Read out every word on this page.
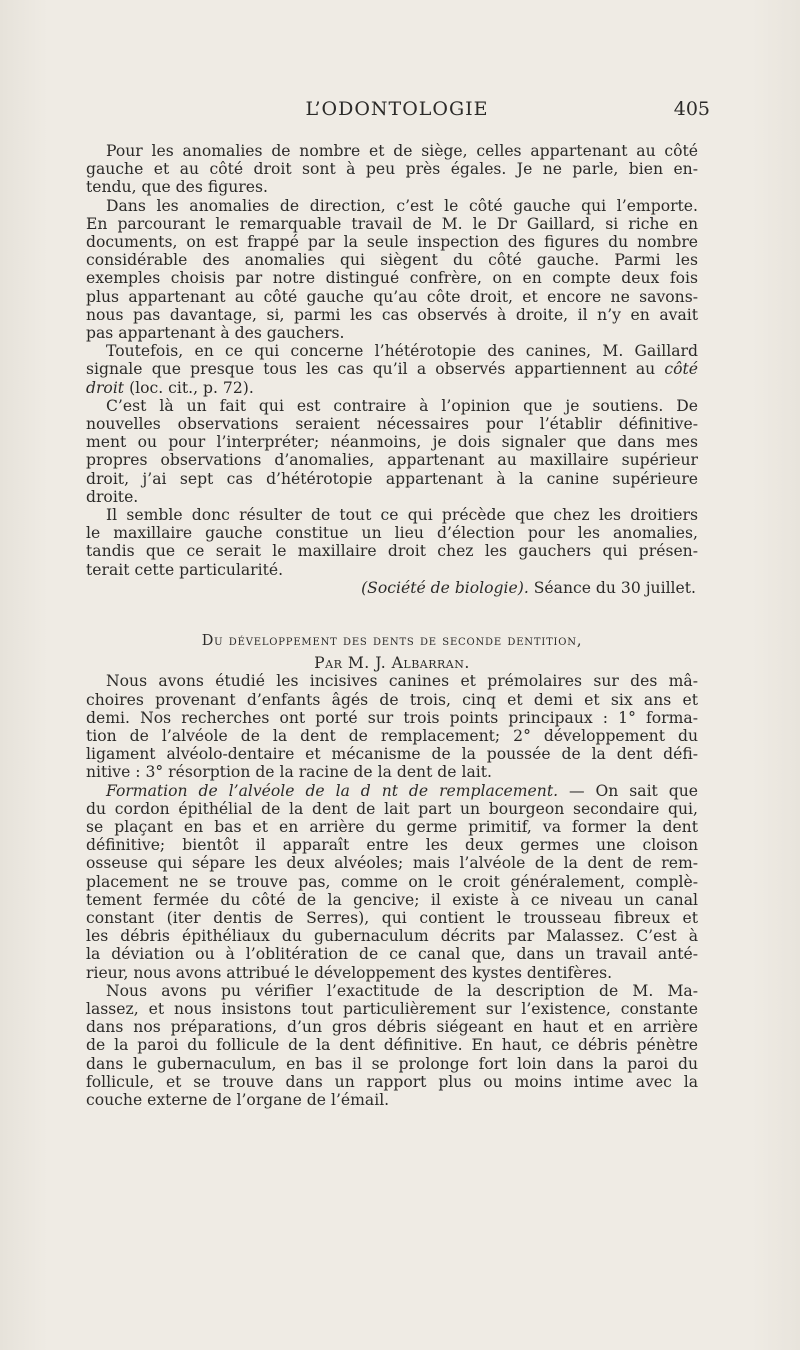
L’ODONTOLOGIE	405
Pour les anomalies de nombre et de siège, celles appartenant au côté
gauche et au côté droit sont à peu près égales. Je ne parle, bien en-
tendu, que des figures.
Dans les anomalies de direction, c’est le côté gauche qui l’emporte.
En parcourant le remarquable travail de M. le Dr Gaillard, si riche en
documents, on est frappé par la seule inspection des figures du nombre
considérable des anomalies qui siègent du côté gauche. Parmi les
exemples choisis par notre distingué confrère, on en compte deux fois
plus appartenant au côté gauche qu’au côte droit, et encore ne savons-
nous pas davantage, si, parmi les cas observés à droite, il n’y en avait
pas appartenant à des gauchers.
Toutefois, en ce qui concerne l’hétérotopie des canines, M. Gaillard
signale que presque tous les cas qu’il a observés appartiennent au côté
droit (loc. cit., p. 72).
C’est là un fait qui est contraire à l’opinion que je soutiens. De
nouvelles observations seraient nécessaires pour l’établir définitive-
ment ou pour l’interpréter; néanmoins, je dois signaler que dans mes
propres observations d’anomalies, appartenant au maxillaire supérieur
droit, j’ai sept cas d’hétérotopie appartenant à la canine supérieure
droite.
Il semble donc résulter de tout ce qui précède que chez les droitiers
le maxillaire gauche constitue un lieu d’élection pour les anomalies,
tandis que ce serait le maxillaire droit chez les gauchers qui présen-
terait cette particularité.
(Société de biologie). Séance du 30 juillet.
Du développement des dents de seconde dentition,
Par M. J. Albarran.
Nous avons étudié les incisives canines et prémolaires sur des mâ-
choires provenant d’enfants âgés de trois, cinq et demi et six ans et
demi. Nos recherches ont porté sur trois points principaux : 1° forma-
tion de l’alvéole de la dent de remplacement; 2° développement du
ligament alvéolo-dentaire et mécanisme de la poussée de la dent défi-
nitive : 3° résorption de la racine de la dent de lait.
Formation de l’alvéole de la d nt de remplacement. — On sait que
du cordon épithélial de la dent de lait part un bourgeon secondaire qui,
se plaçant en bas et en arrière du germe primitif, va former la dent
définitive; bientôt il apparaît entre les deux germes une cloison
osseuse qui sépare les deux alvéoles; mais l’alvéole de la dent de rem-
placement ne se trouve pas, comme on le croit généralement, complè-
tement fermée du côté de la gencive; il existe à ce niveau un canal
constant (iter dentis de Serres), qui contient le trousseau fibreux et
les débris épithéliaux du gubernaculum décrits par Malassez. C’est à
la déviation ou à l’oblitération de ce canal que, dans un travail anté-
rieur, nous avons attribué le développement des kystes dentifères.
Nous avons pu vérifier l’exactitude de la description de M. Ma-
lassez, et nous insistons tout particulièrement sur l’existence, constante
dans nos préparations, d’un gros débris siégeant en haut et en arrière
de la paroi du follicule de la dent définitive. En haut, ce débris pénètre
dans le gubernaculum, en bas il se prolonge fort loin dans la paroi du
follicule, et se trouve dans un rapport plus ou moins intime avec la
couche externe de l’organe de l’émail.
